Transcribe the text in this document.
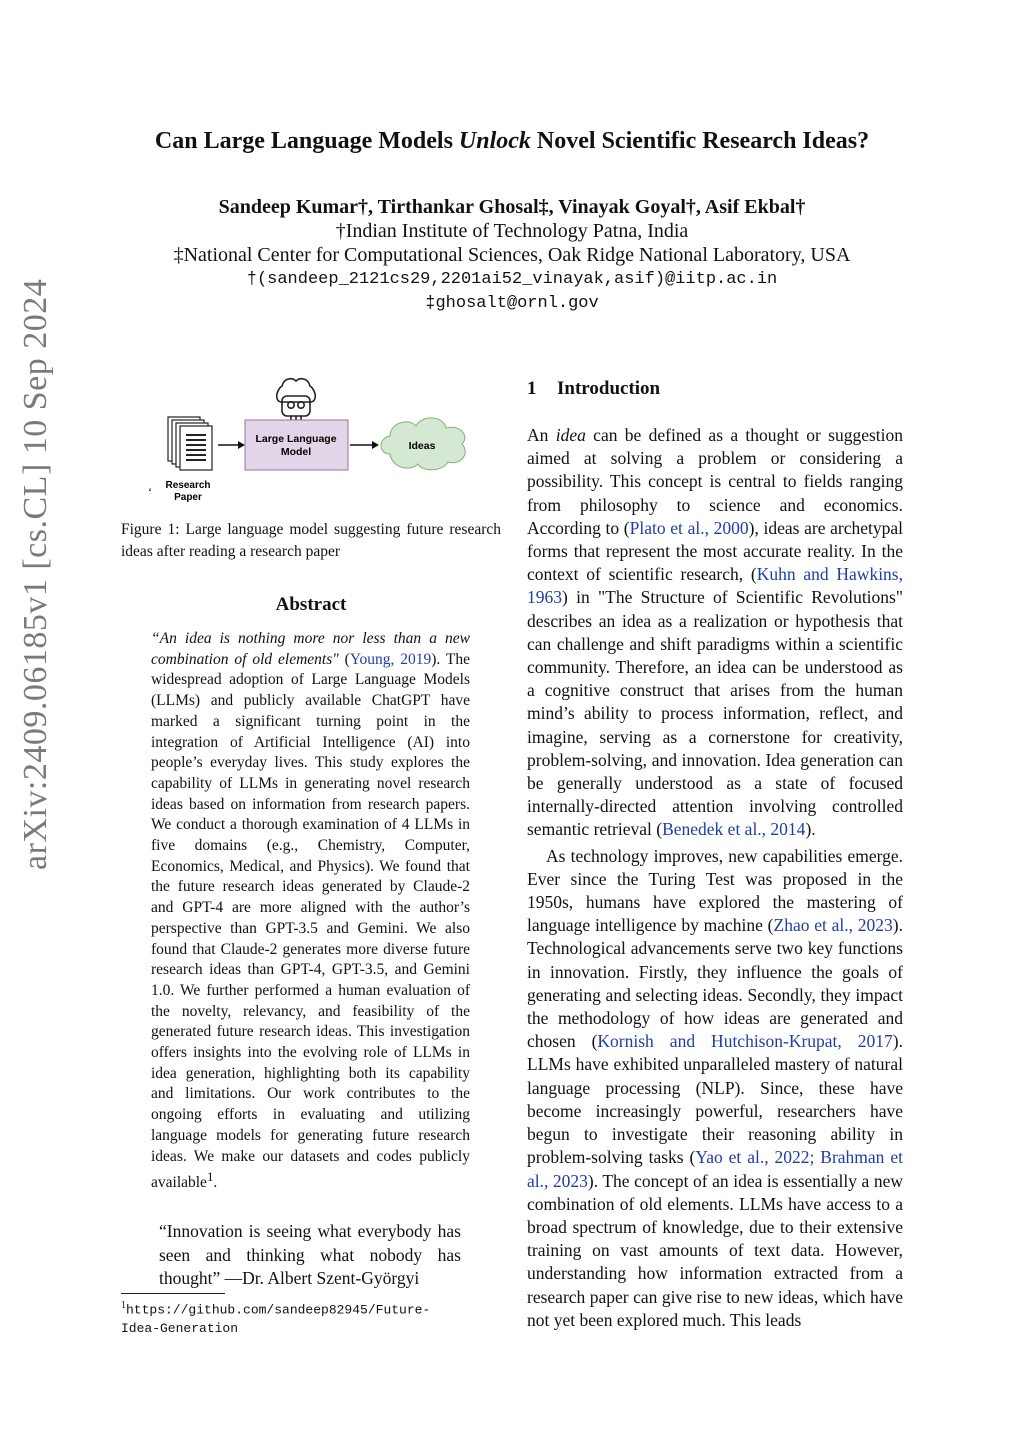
arXiv:2409.06185v1 [cs.CL] 10 Sep 2024
Can Large Language Models Unlock Novel Scientific Research Ideas?
Sandeep Kumar†, Tirthankar Ghosal‡, Vinayak Goyal†, Asif Ekbal†
†Indian Institute of Technology Patna, India
‡National Center for Computational Sciences, Oak Ridge National Laboratory, USA
†(sandeep_2121cs29,2201ai52_vinayak,asif)@iitp.ac.in
‡ghosalt@ornl.gov
Research
Paper
‘
Large Language
Model	Ideas
Figure 1: Large language model suggesting future research ideas after reading a research paper
Abstract
“An idea is nothing more nor less than a new combination of old elements" (Young, 2019). The widespread adoption of Large Language Models (LLMs) and publicly available ChatGPT have marked a significant turning point in the integration of Artificial Intelligence (AI) into people’s everyday lives. This study explores the capability of LLMs in generating novel research ideas based on information from research papers. We conduct a thorough examination of 4 LLMs in five domains (e.g., Chemistry, Computer, Economics, Medical, and Physics). We found that the future research ideas generated by Claude-2 and GPT-4 are more aligned with the author’s perspective than GPT-3.5 and Gemini. We also found that Claude-2 generates more diverse future research ideas than GPT-4, GPT-3.5, and Gemini 1.0. We further performed a human evaluation of the novelty, relevancy, and feasibility of the generated future research ideas. This investigation offers insights into the evolving role of LLMs in idea generation, highlighting both its capability and limitations. Our work contributes to the ongoing efforts in evaluating and utilizing language models for generating future research ideas. We make our datasets and codes publicly available$^1$.
“Innovation is seeing what everybody has seen and thinking what nobody has thought” —Dr. Albert Szent-Györgyi
$^1$https://github.com/sandeep82945/Future-Idea-Generation
1 Introduction

An idea can be defined as a thought or suggestion aimed at solving a problem or considering a possibility. This concept is central to fields ranging from philosophy to science and economics. According to (Plato et al., 2000), ideas are archetypal forms that represent the most accurate reality. In the context of scientific research, (Kuhn and Hawkins, 1963) in "The Structure of Scientific Revolutions" describes an idea as a realization or hypothesis that can challenge and shift paradigms within a scientific community. Therefore, an idea can be understood as a cognitive construct that arises from the human mind’s ability to process information, reflect, and imagine, serving as a cornerstone for creativity, problem-solving, and innovation. Idea generation can be generally understood as a state of focused internally-directed attention involving controlled semantic retrieval (Benedek et al., 2014).

As technology improves, new capabilities emerge. Ever since the Turing Test was proposed in the 1950s, humans have explored the mastering of language intelligence by machine (Zhao et al., 2023). Technological advancements serve two key functions in innovation. Firstly, they influence the goals of generating and selecting ideas. Secondly, they impact the methodology of how ideas are generated and chosen (Kornish and Hutchison-Krupat, 2017). LLMs have exhibited unparalleled mastery of natural language processing (NLP). Since, these have become increasingly powerful, researchers have begun to investigate their reasoning ability in problem-solving tasks (Yao et al., 2022; Brahman et al., 2023). The concept of an idea is essentially a new combination of old elements. LLMs have access to a broad spectrum of knowledge, due to their extensive training on vast amounts of text data. However, understanding how information extracted from a research paper can give rise to new ideas, which have not yet been explored much. This leads
